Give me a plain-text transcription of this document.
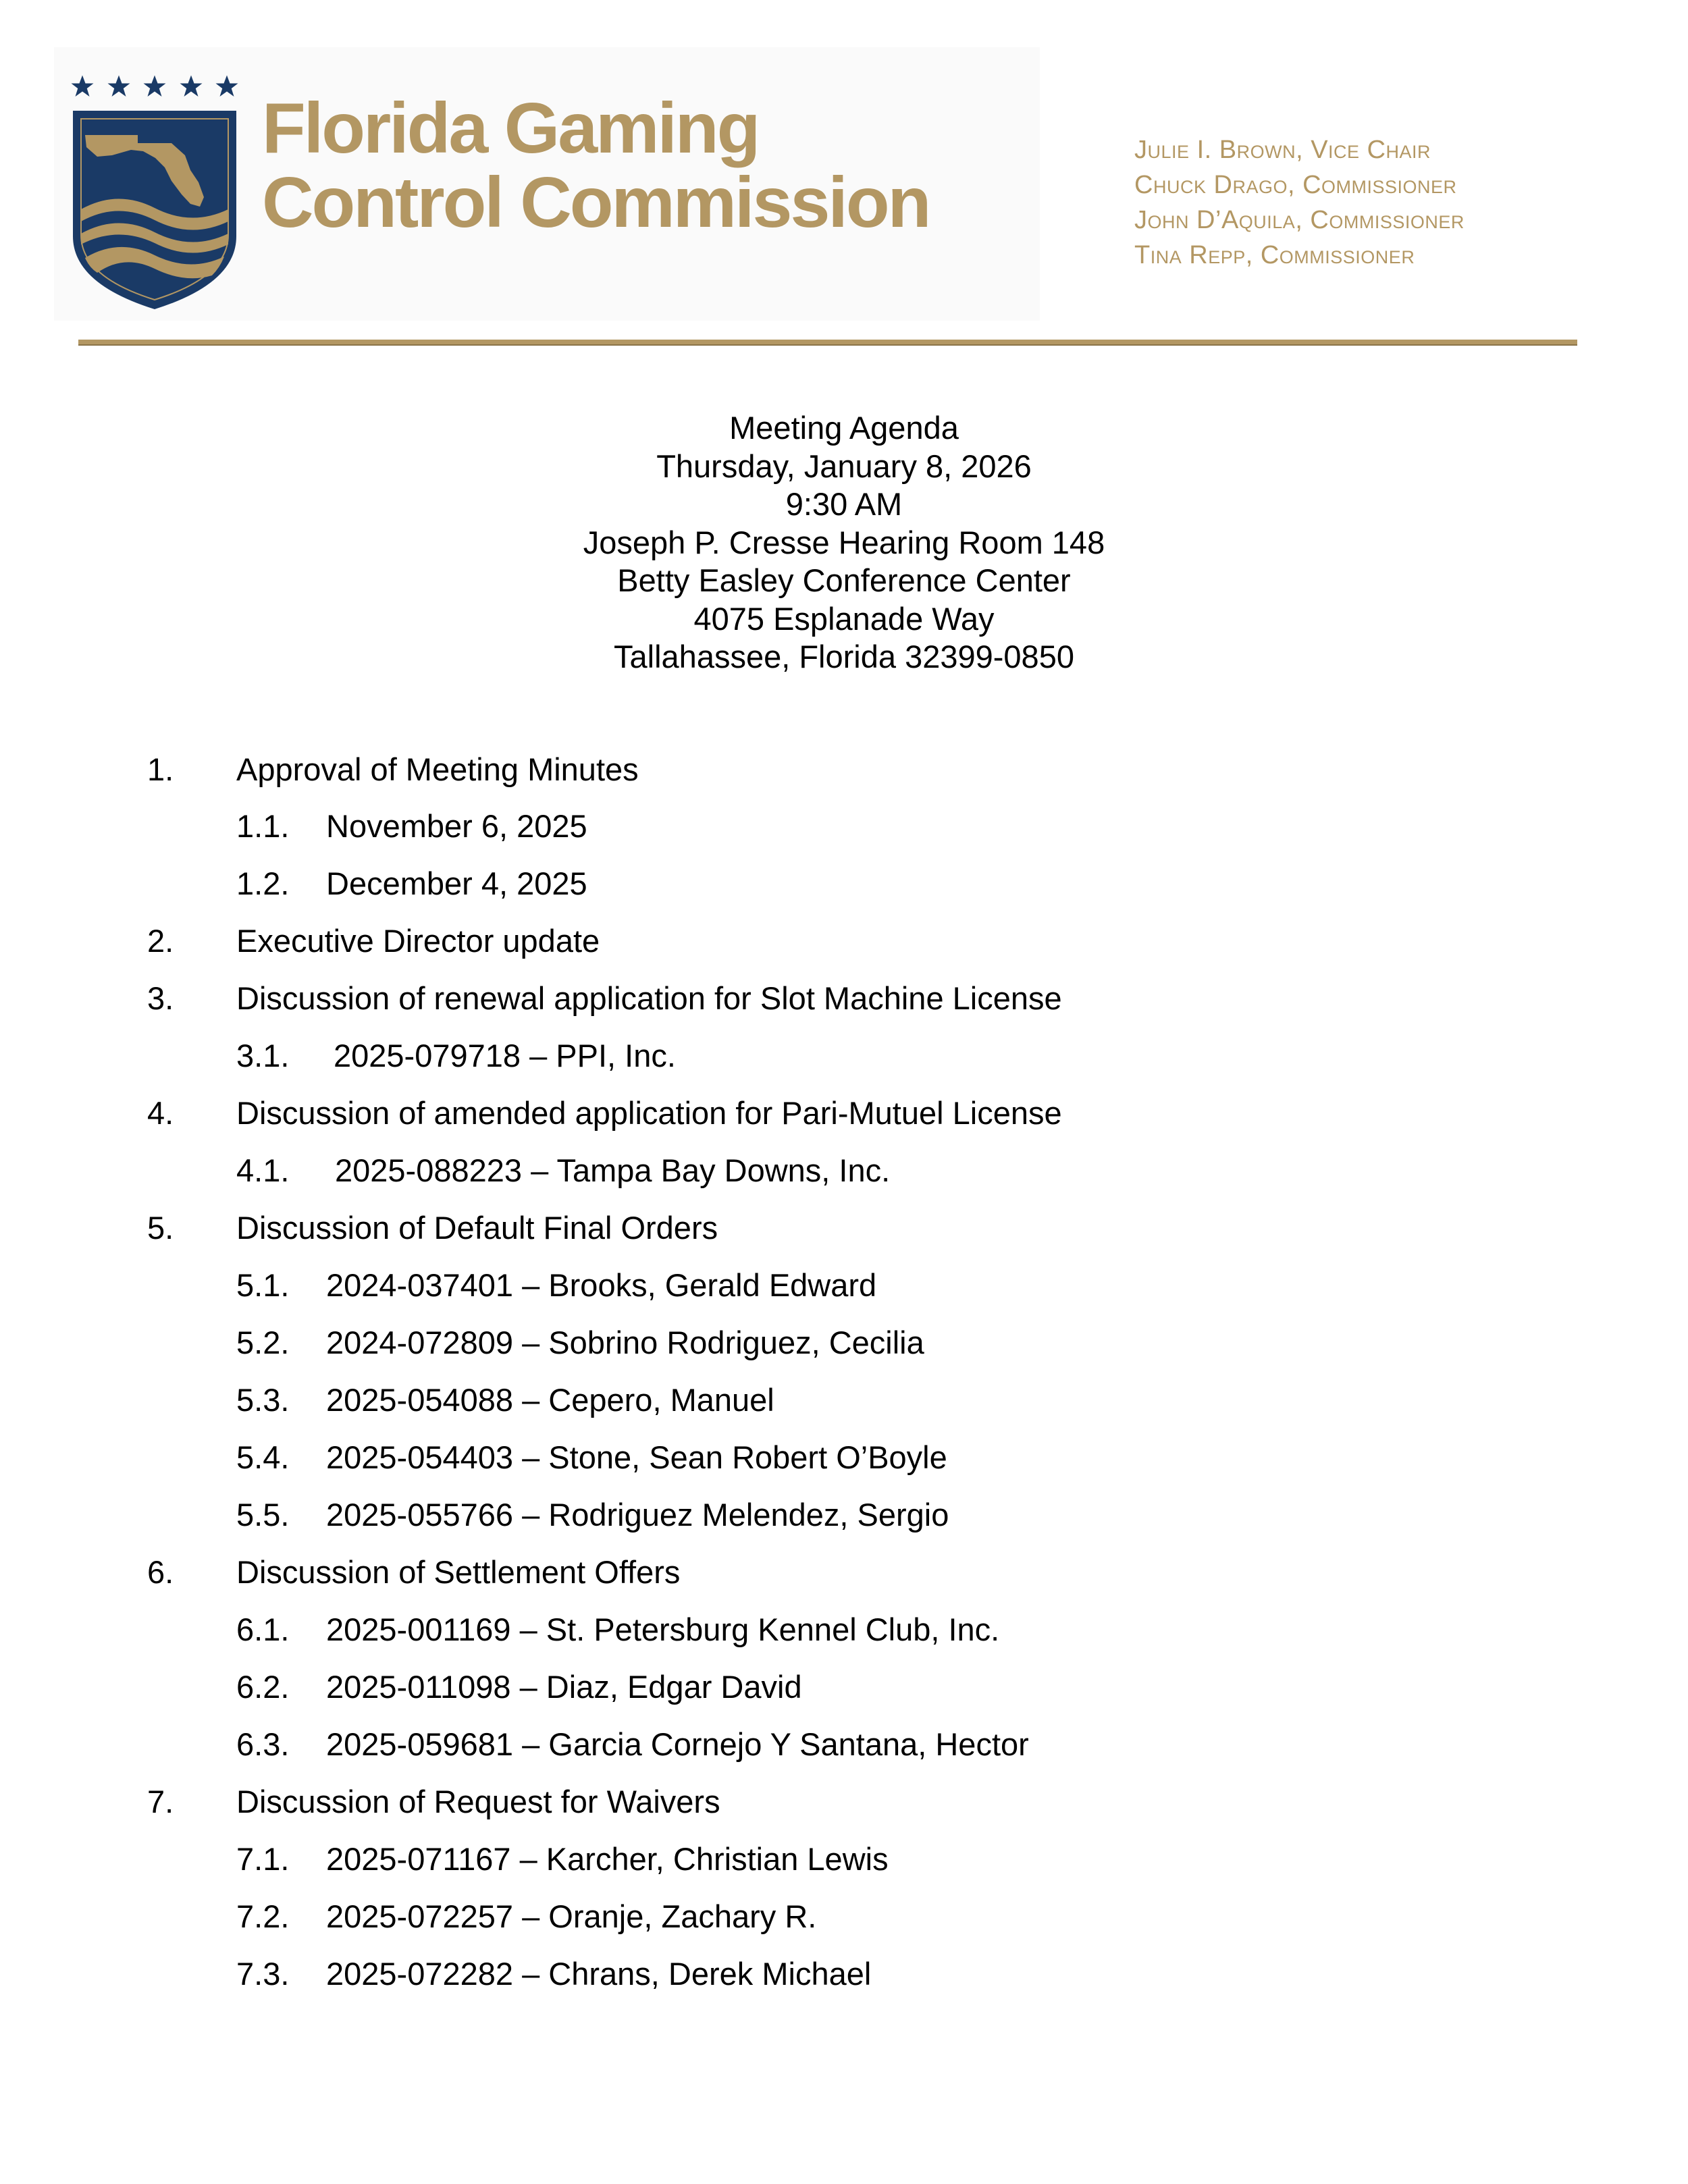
Florida Gaming
Control Commission
Julie I. Brown, Vice Chair
Chuck Drago, Commissioner
John D’Aquila, Commissioner
Tina Repp, Commissioner
Meeting Agenda
Thursday, January 8, 2026
9:30 AM
Joseph P. Cresse Hearing Room 148
Betty Easley Conference Center
4075 Esplanade Way
Tallahassee, Florida 32399-0850
1. Approval of Meeting Minutes
1.1. November 6, 2025
1.2. December 4, 2025
2. Executive Director update
3. Discussion of renewal application for Slot Machine License
3.1. 2025-079718 – PPI, Inc.
4. Discussion of amended application for Pari-Mutuel License
4.1. 2025-088223 – Tampa Bay Downs, Inc.
5. Discussion of Default Final Orders
5.1. 2024-037401 – Brooks, Gerald Edward
5.2. 2024-072809 – Sobrino Rodriguez, Cecilia
5.3. 2025-054088 – Cepero, Manuel
5.4. 2025-054403 – Stone, Sean Robert O’Boyle
5.5. 2025-055766 – Rodriguez Melendez, Sergio
6. Discussion of Settlement Offers
6.1. 2025-001169 – St. Petersburg Kennel Club, Inc.
6.2. 2025-011098 – Diaz, Edgar David
6.3. 2025-059681 – Garcia Cornejo Y Santana, Hector
7. Discussion of Request for Waivers
7.1. 2025-071167 – Karcher, Christian Lewis
7.2. 2025-072257 – Oranje, Zachary R.
7.3. 2025-072282 – Chrans, Derek Michael
